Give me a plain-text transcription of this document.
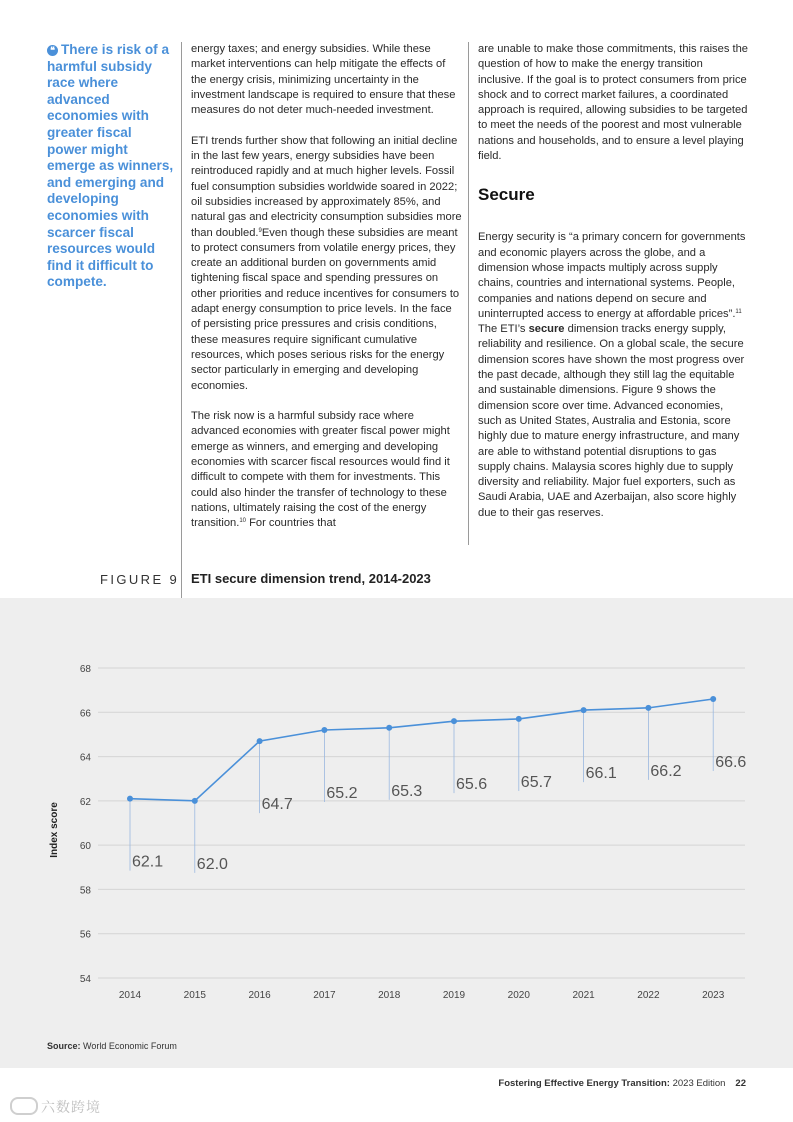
❝ There is risk of a harmful subsidy race where advanced economies with greater fiscal power might emerge as winners, and emerging and developing economies with scarcer fiscal resources would find it difficult to compete.

energy taxes; and energy subsidies. While these market interventions can help mitigate the effects of the energy crisis, minimizing uncertainty in the investment landscape is required to ensure that these measures do not deter much-needed investment.

ETI trends further show that following an initial decline in the last few years, energy subsidies have been reintroduced rapidly and at much higher levels. Fossil fuel consumption subsidies worldwide soared in 2022; oil subsidies increased by approximately 85%, and natural gas and electricity consumption subsidies more than doubled.$^9$Even though these subsidies are meant to protect consumers from volatile energy prices, they create an additional burden on governments amid tightening fiscal space and spending pressures on other priorities and reduce incentives for consumers to adapt energy consumption to price levels. In the face of persisting price pressures and crisis conditions, these measures require significant cumulative resources, which poses serious risks for the energy sector particularly in emerging and developing economies.

The risk now is a harmful subsidy race where advanced economies with greater fiscal power might emerge as winners, and emerging and developing economies with scarcer fiscal resources would find it difficult to compete with them for investments. This could also hinder the transfer of technology to these nations, ultimately raising the cost of the energy transition.$^{10}$ For countries that

are unable to make those commitments, this raises the question of how to make the energy transition inclusive. If the goal is to protect consumers from price shock and to correct market failures, a coordinated approach is required, allowing subsidies to be targeted to meet the needs of the poorest and most vulnerable nations and households, and to ensure a level playing field.

Secure

Energy security is “a primary concern for governments and economic players across the globe, and a dimension whose impacts multiply across supply chains, countries and international systems. People, companies and nations depend on secure and uninterrupted access to energy at affordable prices”.$^{11}$ The ETI’s secure dimension tracks energy supply, reliability and resilience. On a global scale, the secure dimension scores have shown the most progress over the past decade, although they still lag the equitable and sustainable dimensions. Figure 9 shows the dimension score over time. Advanced economies, such as United States, Australia and Estonia, score highly due to mature energy infrastructure, and many are able to withstand potential disruptions to gas supply chains. Malaysia scores highly due to supply diversity and reliability. Major fuel exporters, such as Saudi Arabia, UAE and Azerbaijan, also score highly due to their gas reserves.

FIGURE 9 ETI secure dimension trend, 2014-2023
54
56
58
60
62
64
66
68
2014	2015	2016	2017	2018	2019	2020	2021	2022	2023
Index score
62.1 62.0
64.7
65.2 65.3 65.6 65.7
66.1 66.2
66.6
Source: World Economic Forum
Fostering Effective Energy Transition: 2023 Edition 22
六数跨境
